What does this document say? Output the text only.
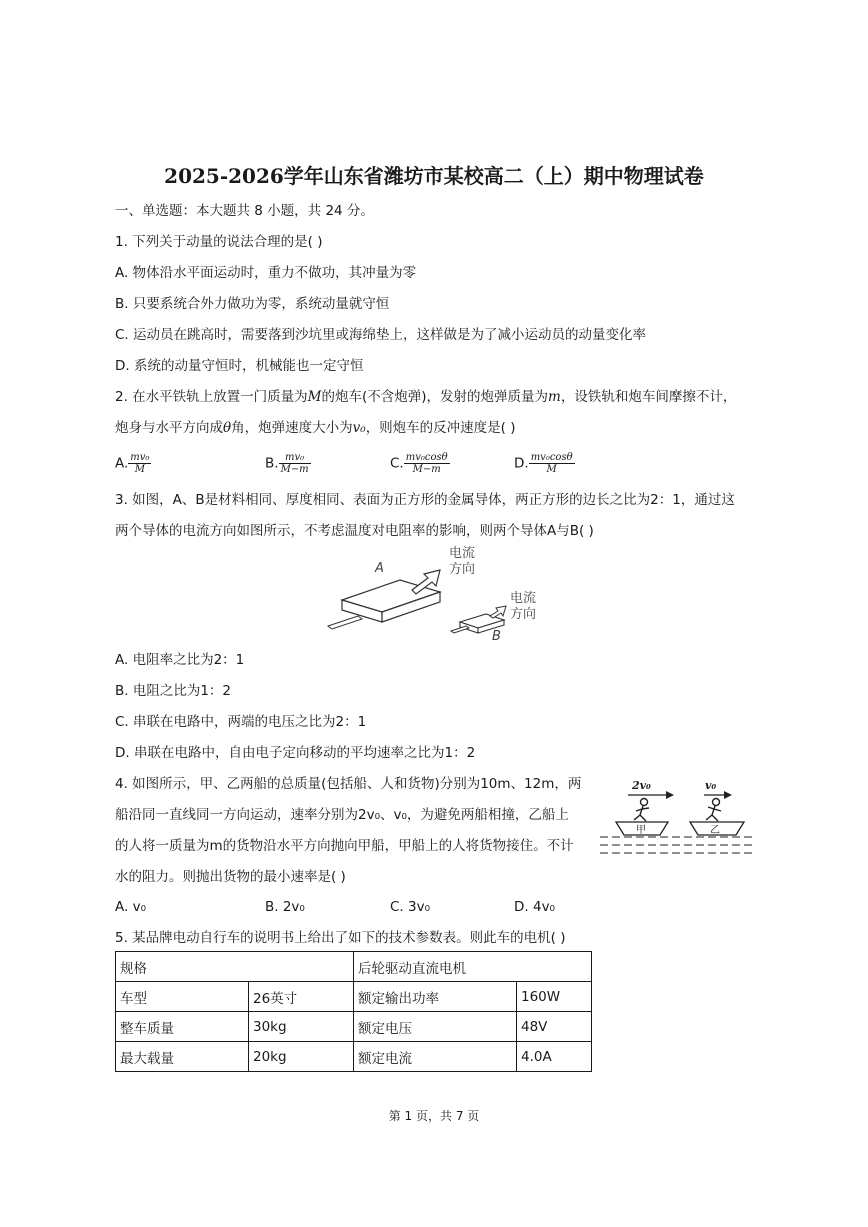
2025-2026学年山东省潍坊市某校高二（上）期中物理试卷
一、单选题：本大题共 8 小题，共 24 分。
1. 下列关于动量的说法合理的是( )
A. 物体沿水平面运动时，重力不做功，其冲量为零
B. 只要系统合外力做功为零，系统动量就守恒
C. 运动员在跳高时，需要落到沙坑里或海绵垫上，这样做是为了减小运动员的动量变化率
D. 系统的动量守恒时，机械能也一定守恒
2. 在水平铁轨上放置一门质量为M的炮车(不含炮弹)，发射的炮弹质量为m，设铁轨和炮车间摩擦不计，
炮身与水平方向成θ角，炮弹速度大小为v₀，则炮车的反冲速度是( )
A. $\frac{\text{mv₀}}{M}$	B. $\frac{\text{mv₀}}{M-m}$	C. $\frac{\text{mv₀cosθ}}{M-m}$	D. $\frac{\text{mv₀cosθ}}{M}$
3. 如图，A、B是材料相同、厚度相同、表面为正方形的金属导体，两正方形的边长之比为2：1，通过这
两个导体的电流方向如图所示，不考虑温度对电阻率的影响，则两个导体A与B( )
A
B
电流
方向
电流
方向
A. 电阻率之比为2：1
B. 电阻之比为1：2
C. 串联在电路中，两端的电压之比为2：1
D. 串联在电路中，自由电子定向移动的平均速率之比为1：2
4. 如图所示，甲、乙两船的总质量(包括船、人和货物)分别为10m、12m，两
船沿同一直线同一方向运动，速率分别为2v₀、v₀，为避免两船相撞，乙船上
的人将一质量为m的货物沿水平方向抛向甲船，甲船上的人将货物接住。不计
水的阻力。则抛出货物的最小速率是( )
2v₀	v₀
甲	乙
A. v₀	B. 2v₀	C. 3v₀	D. 4v₀
5. 某品牌电动自行车的说明书上给出了如下的技术参数表。则此车的电机( )
规格		后轮驱动直流电机	
车型	26英寸	额定输出功率	160W
整车质量	30kg	额定电压	48V
最大载量	20kg	额定电流	4.0A
第 1 页，共 7 页
